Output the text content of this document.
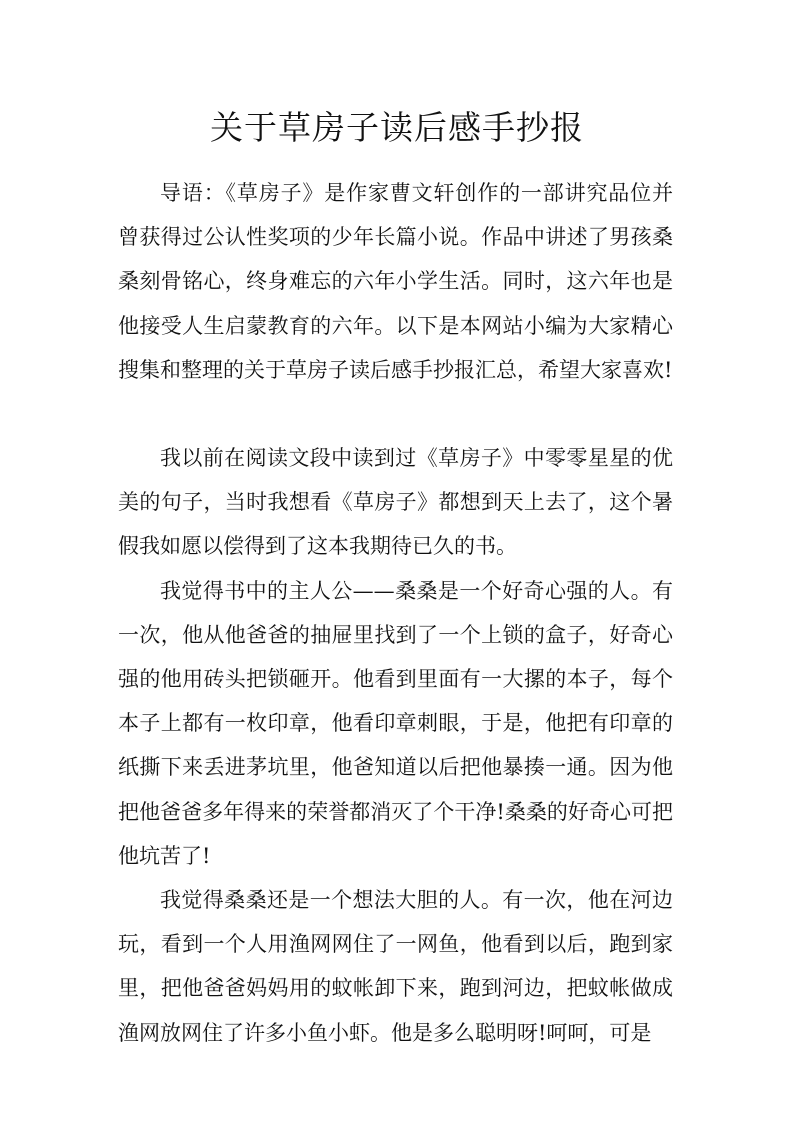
关于草房子读后感手抄报

导语：《草房子》是作家曹文轩创作的一部讲究品位并曾获得过公认性奖项的少年长篇小说。作品中讲述了男孩桑桑刻骨铭心，终身难忘的六年小学生活。同时，这六年也是他接受人生启蒙教育的六年。以下是本网站小编为大家精心搜集和整理的关于草房子读后感手抄报汇总，希望大家喜欢!

我以前在阅读文段中读到过《草房子》中零零星星的优美的句子，当时我想看《草房子》都想到天上去了，这个暑假我如愿以偿得到了这本我期待已久的书。

我觉得书中的主人公——桑桑是一个好奇心强的人。有一次，他从他爸爸的抽屉里找到了一个上锁的盒子，好奇心强的他用砖头把锁砸开。他看到里面有一大摞的本子，每个本子上都有一枚印章，他看印章刺眼，于是，他把有印章的纸撕下来丢进茅坑里，他爸知道以后把他暴揍一通。因为他把他爸爸多年得来的荣誉都消灭了个干净!桑桑的好奇心可把他坑苦了!

我觉得桑桑还是一个想法大胆的人。有一次，他在河边玩，看到一个人用渔网网住了一网鱼，他看到以后，跑到家里，把他爸爸妈妈用的蚊帐卸下来，跑到河边，把蚊帐做成渔网放网住了许多小鱼小虾。他是多么聪明呀!呵呵，可是
